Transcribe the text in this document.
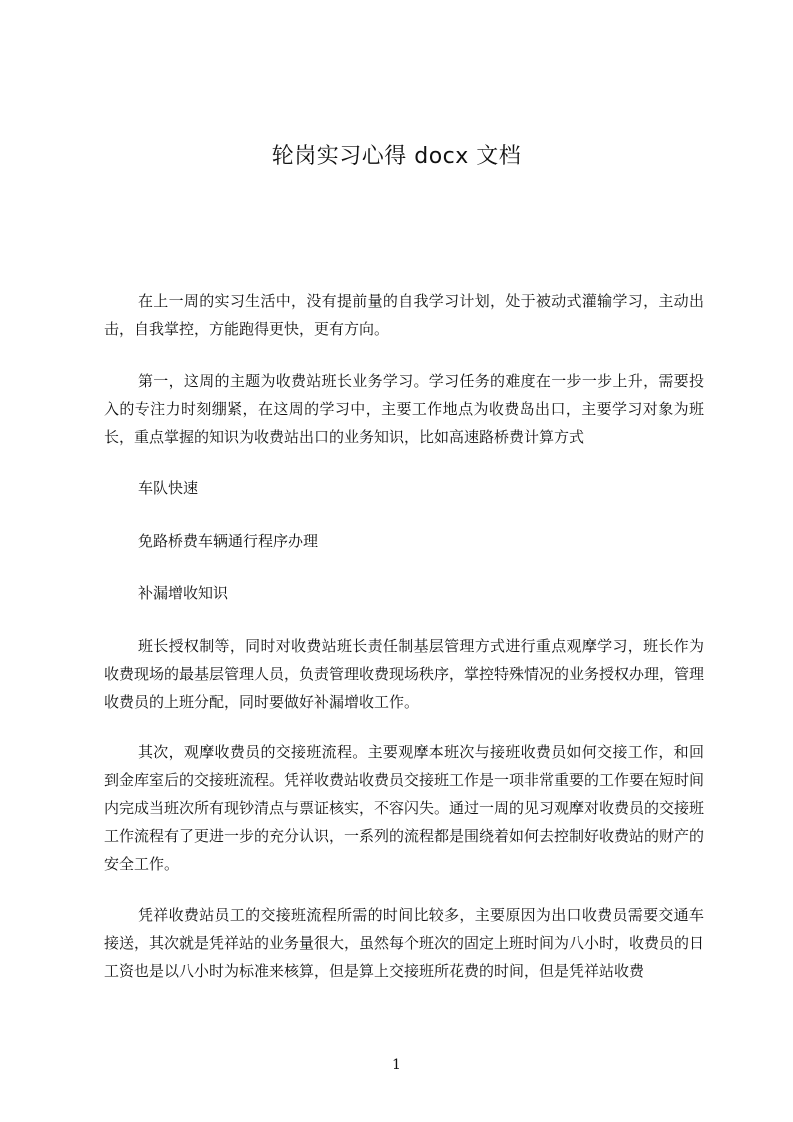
轮岗实习心得 docx 文档

在上一周的实习生活中，没有提前量的自我学习计划，处于被动式灌输学习，主动出击，自我掌控，方能跑得更快，更有方向。

第一，这周的主题为收费站班长业务学习。学习任务的难度在一步一步上升，需要投入的专注力时刻绷紧，在这周的学习中，主要工作地点为收费岛出口，主要学习对象为班长，重点掌握的知识为收费站出口的业务知识，比如高速路桥费计算方式

车队快速

免路桥费车辆通行程序办理

补漏增收知识

班长授权制等，同时对收费站班长责任制基层管理方式进行重点观摩学习，班长作为收费现场的最基层管理人员，负责管理收费现场秩序，掌控特殊情况的业务授权办理，管理收费员的上班分配，同时要做好补漏增收工作。

其次，观摩收费员的交接班流程。主要观摩本班次与接班收费员如何交接工作，和回到金库室后的交接班流程。凭祥收费站收费员交接班工作是一项非常重要的工作要在短时间内完成当班次所有现钞清点与票证核实，不容闪失。通过一周的见习观摩对收费员的交接班工作流程有了更进一步的充分认识，一系列的流程都是围绕着如何去控制好收费站的财产的安全工作。

凭祥收费站员工的交接班流程所需的时间比较多，主要原因为出口收费员需要交通车接送，其次就是凭祥站的业务量很大，虽然每个班次的固定上班时间为八小时，收费员的日工资也是以八小时为标准来核算，但是算上交接班所花费的时间，但是凭祥站收费

1
